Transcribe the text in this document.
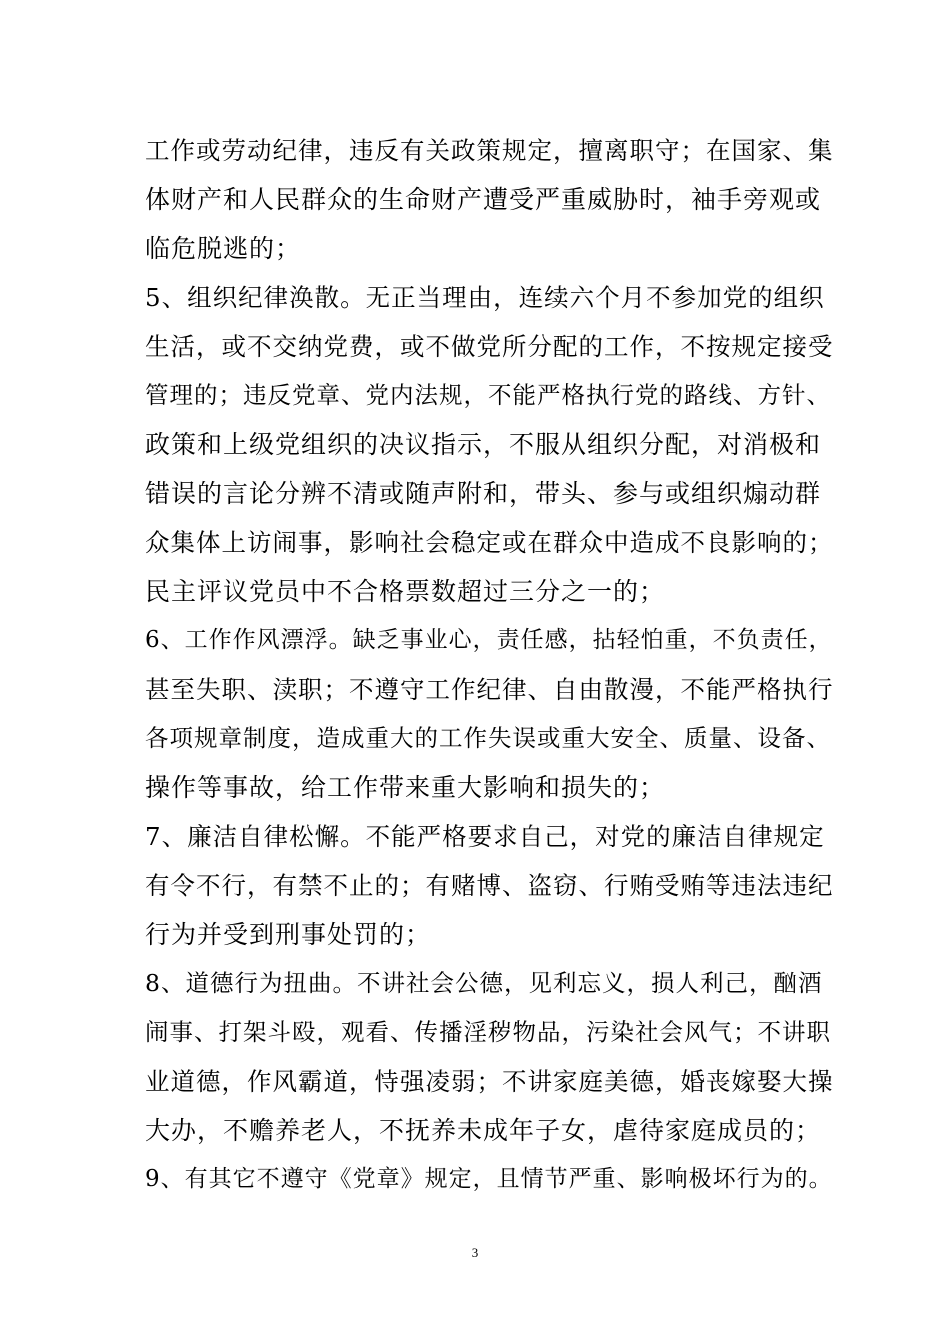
工作或劳动纪律，违反有关政策规定，擅离职守；在国家、集
体财产和人民群众的生命财产遭受严重威胁时，袖手旁观或
临危脱逃的；
5、组织纪律涣散。无正当理由，连续六个月不参加党的组织
生活，或不交纳党费，或不做党所分配的工作，不按规定接受
管理的；违反党章、党内法规，不能严格执行党的路线、方针、
政策和上级党组织的决议指示，不服从组织分配，对消极和
错误的言论分辨不清或随声附和，带头、参与或组织煽动群
众集体上访闹事，影响社会稳定或在群众中造成不良影响的；
民主评议党员中不合格票数超过三分之一的；
6、工作作风漂浮。缺乏事业心，责任感，拈轻怕重，不负责任，
甚至失职、渎职；不遵守工作纪律、自由散漫，不能严格执行
各项规章制度，造成重大的工作失误或重大安全、质量、设备、
操作等事故，给工作带来重大影响和损失的；
7、廉洁自律松懈。不能严格要求自己，对党的廉洁自律规定
有令不行，有禁不止的；有赌博、盗窃、行贿受贿等违法违纪
行为并受到刑事处罚的；
8、道德行为扭曲。不讲社会公德，见利忘义，损人利己，酗酒
闹事、打架斗殴，观看、传播淫秽物品，污染社会风气；不讲职
业道德，作风霸道，恃强凌弱；不讲家庭美德，婚丧嫁娶大操
大办，不赡养老人，不抚养未成年子女，虐待家庭成员的；
9、有其它不遵守《党章》规定，且情节严重、影响极坏行为的。
3
